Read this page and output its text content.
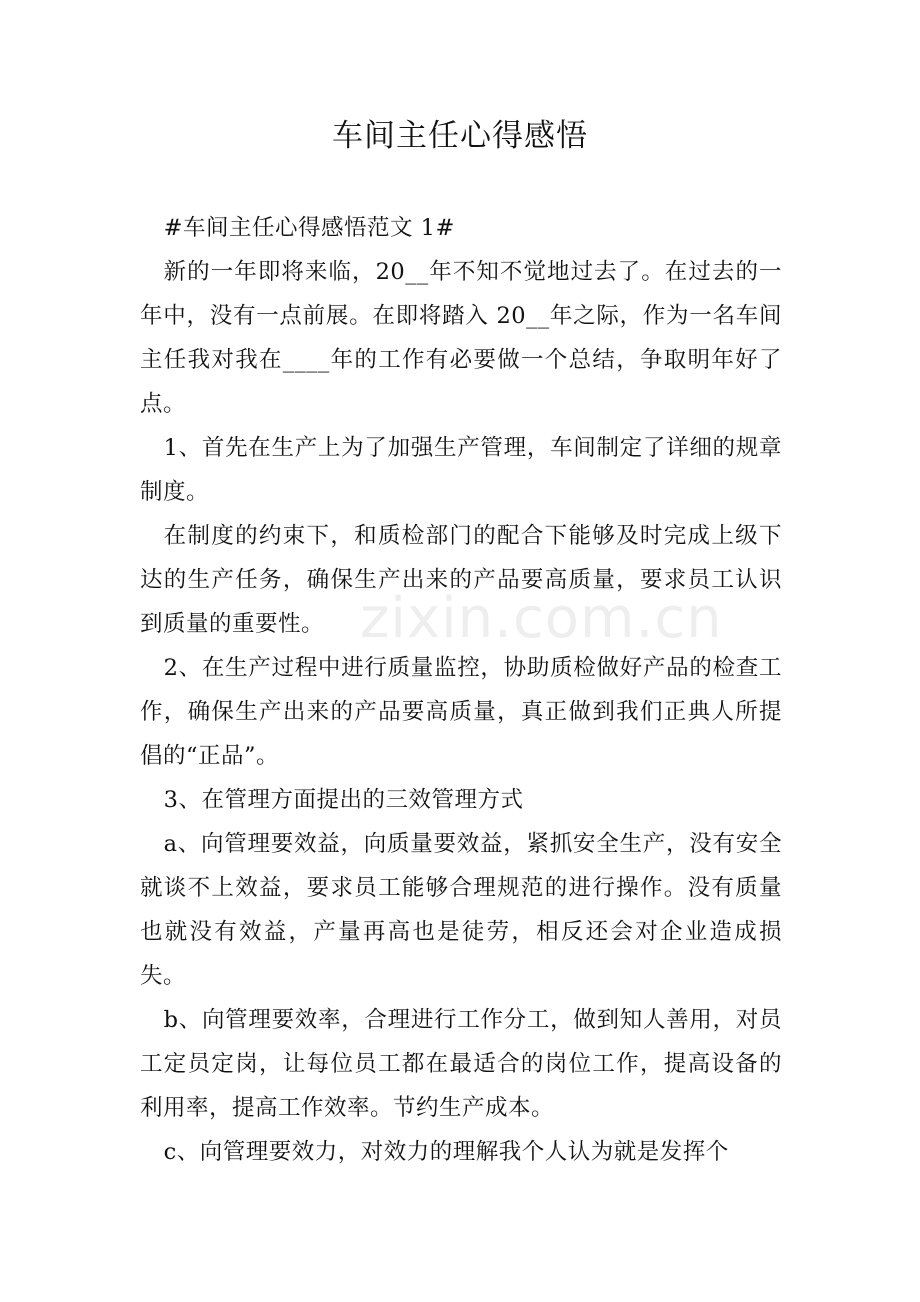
车间主任心得感悟

#车间主任心得感悟范文 1#

新的一年即将来临，20__年不知不觉地过去了。在过去的一年中，没有一点前展。在即将踏入 20__年之际，作为一名车间主任我对我在____年的工作有必要做一个总结，争取明年好了点。

1、首先在生产上为了加强生产管理，车间制定了详细的规章制度。

在制度的约束下，和质检部门的配合下能够及时完成上级下达的生产任务，确保生产出来的产品要高质量，要求员工认识到质量的重要性。

2、在生产过程中进行质量监控，协助质检做好产品的检查工作，确保生产出来的产品要高质量，真正做到我们正典人所提倡的“正品”。

3、在管理方面提出的三效管理方式

a、向管理要效益，向质量要效益，紧抓安全生产，没有安全就谈不上效益，要求员工能够合理规范的进行操作。没有质量也就没有效益，产量再高也是徒劳，相反还会对企业造成损失。

b、向管理要效率，合理进行工作分工，做到知人善用，对员工定员定岗，让每位员工都在最适合的岗位工作，提高设备的利用率，提高工作效率。节约生产成本。

c、向管理要效力，对效力的理解我个人认为就是发挥个

zixin.com.cn
